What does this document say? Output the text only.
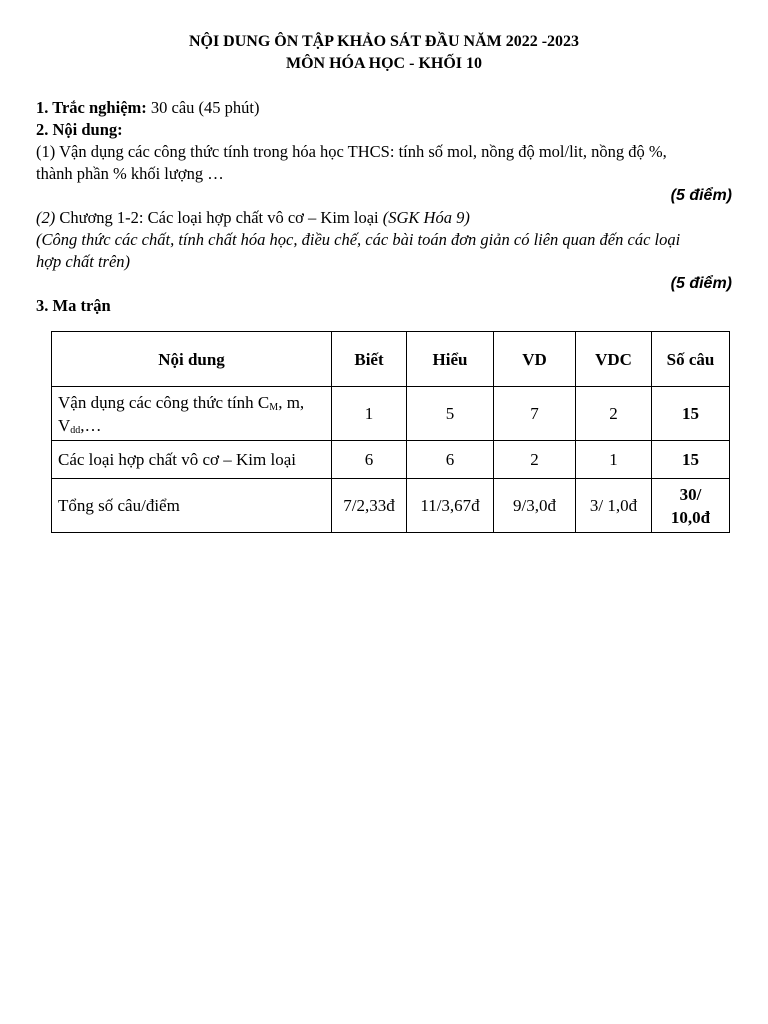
NỘI DUNG ÔN TẬP KHẢO SÁT ĐẦU NĂM 2022 -2023
MÔN HÓA HỌC - KHỐI 10
1. Trắc nghiệm: 30 câu (45 phút)
2. Nội dung:
(1) Vận dụng các công thức tính trong hóa học THCS: tính số mol, nồng độ mol/lit, nồng độ %, thành phần % khối lượng …
(5 điểm)
(2) Chương 1-2: Các loại hợp chất vô cơ – Kim loại (SGK Hóa 9)
(Công thức các chất, tính chất hóa học, điều chế, các bài toán đơn giản có liên quan đến các loại hợp chất trên)
(5 điểm)
3. Ma trận
Nội dung	Biết	Hiểu	VD	VDC	Số câu
Vận dụng các công thức tính $C_M$, m,
$V_{dd},\dots$	1	5	7	2	15
Các loại hợp chất vô cơ – Kim loại	6	6	2	1	15
Tổng số câu/điểm	7/2,33đ	11/3,67đ	9/3,0đ	3/ 1,0đ	30/
10,0đ
